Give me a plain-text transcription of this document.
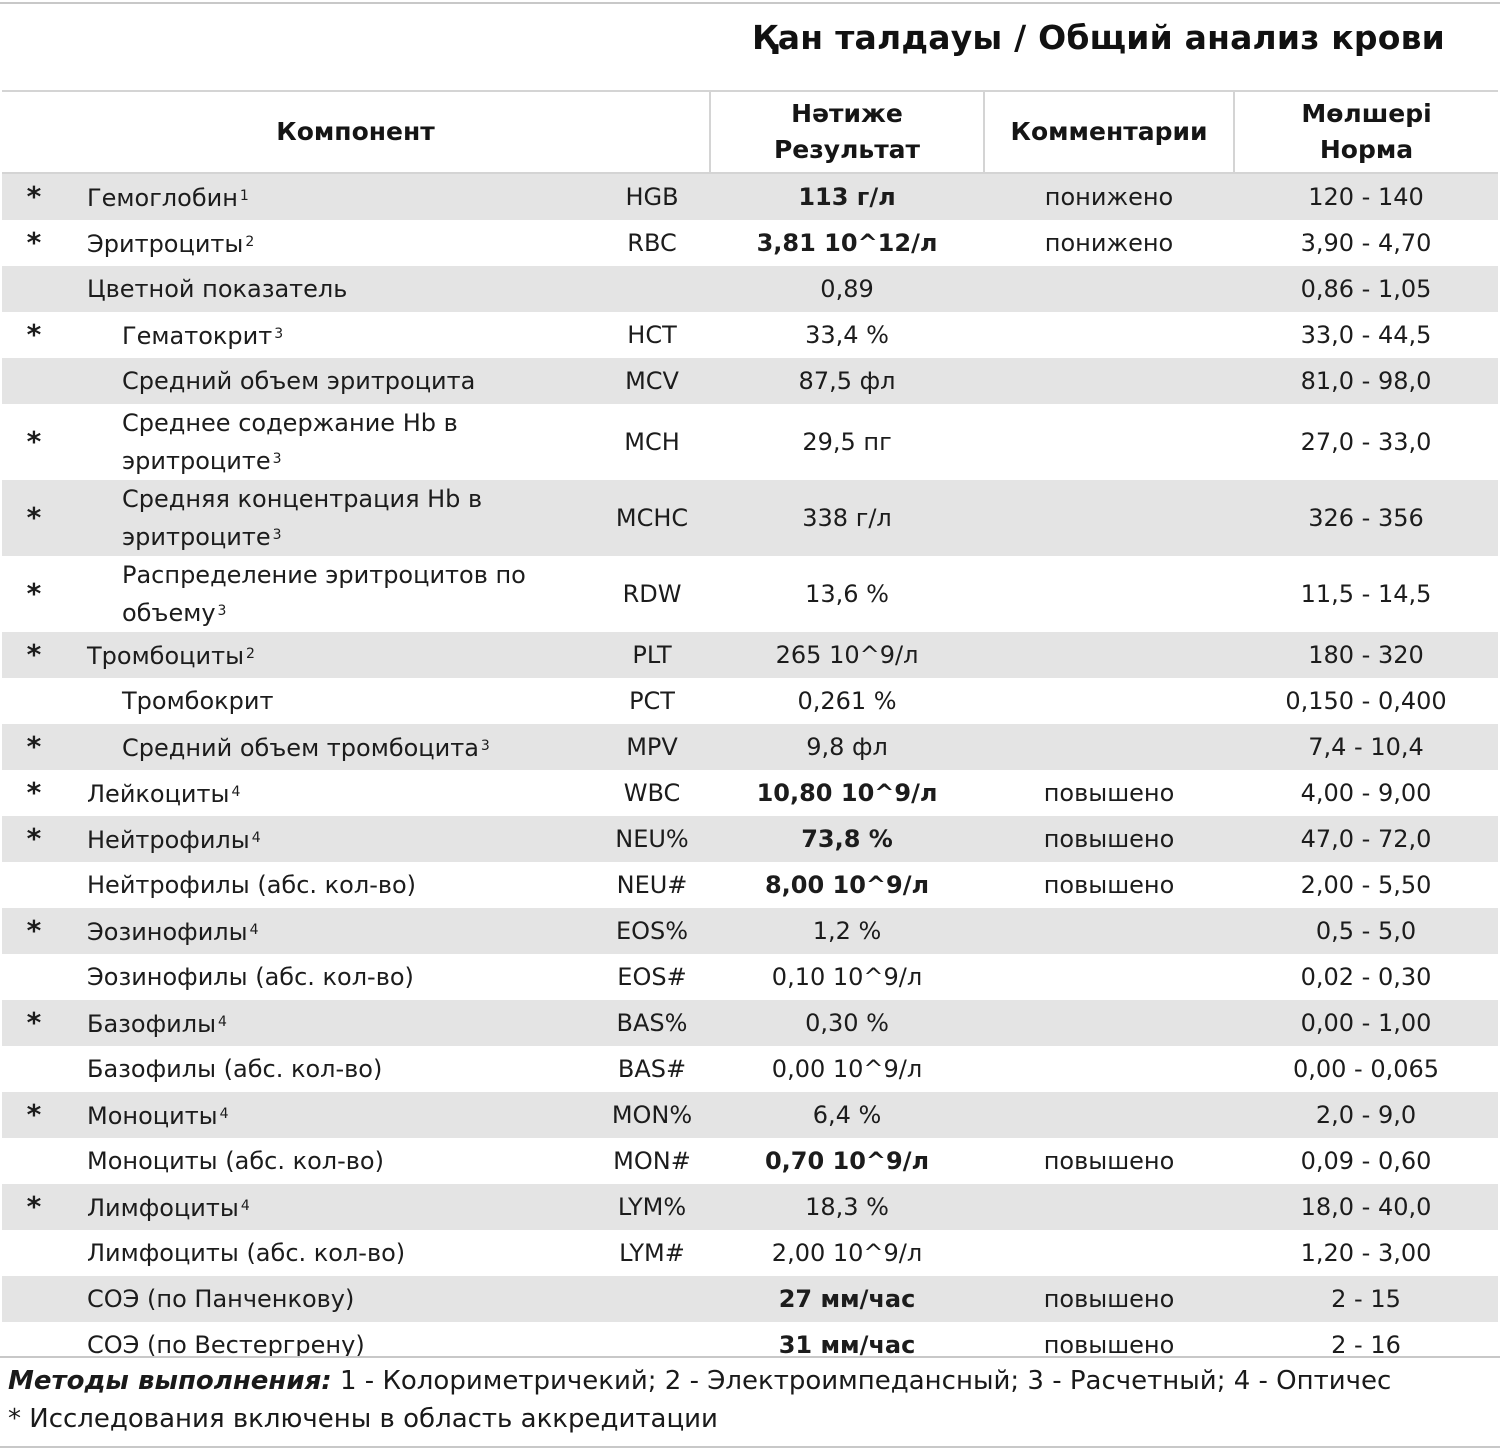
Қан талдауы / Общий анализ крови
Компонент			Нәтиже
Результат	Комментарии	Мөлшері
Норма
*	Гемоглобин $^1$	HGB	113 г/л	понижено	120 - 140
*	Эритроциты $^2$	RBC	3,81 10^12/л	понижено	3,90 - 4,70
	Цветной показатель		0,89		0,86 - 1,05
*	Гематокрит $^3$	HCT	33,4 %		33,0 - 44,5
	Средний объем эритроцита	MCV	87,5 фл		81,0 - 98,0
*	Среднее содержание Hb в
эритроците $^3$	MCH	29,5 пг		27,0 - 33,0
*	Средняя концентрация Hb в
эритроците $^3$	MCHC	338 г/л		326 - 356
*	Распределение эритроцитов по
объему $^3$	RDW	13,6 %		11,5 - 14,5
*	Тромбоциты $^2$	PLT	265 10^9/л		180 - 320
	Тромбокрит	PCT	0,261 %		0,150 - 0,400
*	Средний объем тромбоцита $^3$	MPV	9,8 фл		7,4 - 10,4
*	Лейкоциты $^4$	WBC	10,80 10^9/л	повышено	4,00 - 9,00
*	Нейтрофилы $^4$	NEU%	73,8 %	повышено	47,0 - 72,0
	Нейтрофилы (абс. кол-во)	NEU#	8,00 10^9/л	повышено	2,00 - 5,50
*	Эозинофилы $^4$	EOS%	1,2 %		0,5 - 5,0
	Эозинофилы (абс. кол-во)	EOS#	0,10 10^9/л		0,02 - 0,30
*	Базофилы $^4$	BAS%	0,30 %		0,00 - 1,00
	Базофилы (абс. кол-во)	BAS#	0,00 10^9/л		0,00 - 0,065
*	Моноциты $^4$	MON%	6,4 %		2,0 - 9,0
	Моноциты (абс. кол-во)	MON#	0,70 10^9/л	повышено	0,09 - 0,60
*	Лимфоциты $^4$	LYM%	18,3 %		18,0 - 40,0
	Лимфоциты (абс. кол-во)	LYM#	2,00 10^9/л		1,20 - 3,00
	СОЭ (по Панченкову)		27 мм/час	повышено	2 - 15
	СОЭ (по Вестергрену)		31 мм/час	повышено	2 - 16
Методы выполнения: 1 - Колориметричекий; 2 - Электроимпедансный; 3 - Расчетный; 4 - Оптичес
* Исследования включены в область аккредитации
